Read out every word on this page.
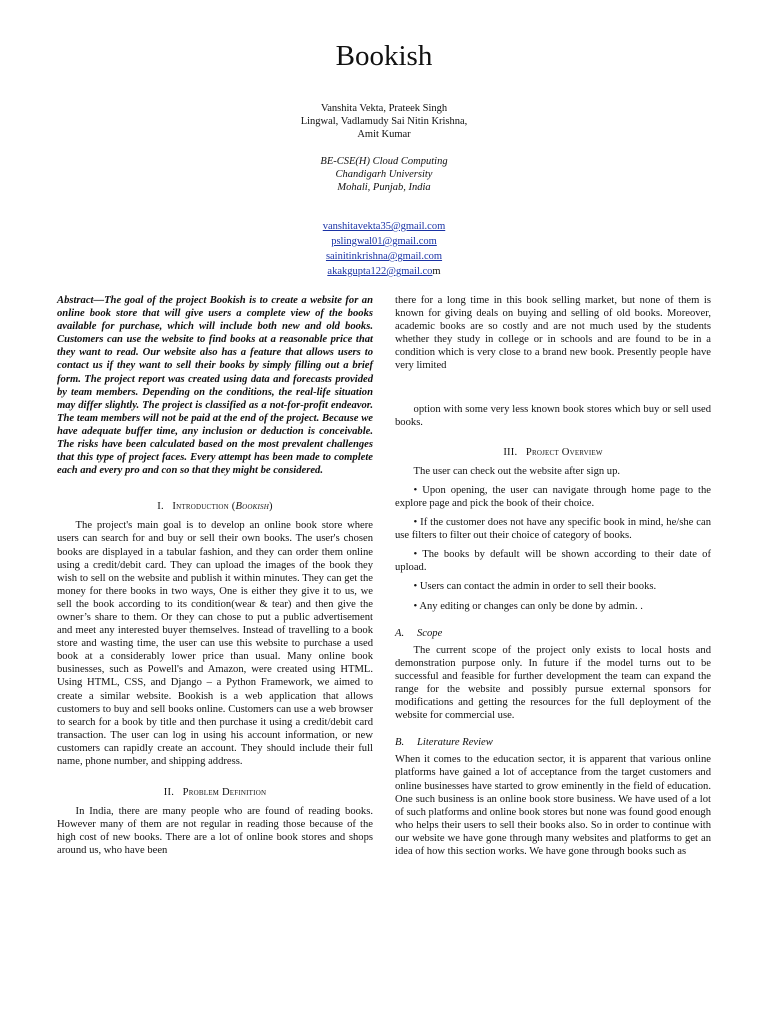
Bookish
Vanshita Vekta, Prateek Singh
Lingwal, Vadlamudy Sai Nitin Krishna,
Amit Kumar
BE-CSE(H) Cloud Computing
Chandigarh University
Mohali, Punjab, India
vanshitavekta35@gmail.com
pslingwal01@gmail.com
sainitinkrishna@gmail.com
akakgupta122@gmail.com

Abstract—The goal of the project Bookish is to create a website for an online book store that will give users a complete view of the books available for purchase, which will include both new and old books. Customers can use the website to find books at a reasonable price that they want to read. Our website also has a feature that allows users to contact us if they want to sell their books by simply filling out a brief form. The project report was created using data and forecasts provided by team members. Depending on the conditions, the real-life situation may differ slightly. The project is classified as a not-for-profit endeavor. The team members will not be paid at the end of the project. Because we have adequate buffer time, any inclusion or deduction is conceivable. The risks have been calculated based on the most prevalent challenges that this type of project faces. Every attempt has been made to complete each and every pro and con so that they might be considered.

I. Introduction (Bookish)

The project's main goal is to develop an online book store where users can search for and buy or sell their own books. The user's chosen books are displayed in a tabular fashion, and they can order them online using a credit/debit card. They can upload the images of the book they wish to sell on the website and publish it within minutes. They can get the money for there books in two ways, One is either they give it to us, we sell the book according to its condition(wear & tear) and then give the owner’s share to them. Or they can chose to put a public advertisement and meet any interested buyer themselves. Instead of travelling to a book store and wasting time, the user can use this website to purchase a used book at a considerably lower price than usual. Many online book businesses, such as Powell's and Amazon, were created using HTML. Using HTML, CSS, and Django – a Python Framework, we aimed to create a similar website. Bookish is a web application that allows customers to buy and sell books online. Customers can use a web browser to search for a book by title and then purchase it using a credit/debit card transaction. The user can log in using his account information, or new customers can rapidly create an account. They should include their full name, phone number, and shipping address.

II. Problem Definition

In India, there are many people who are found of reading books. However many of them are not regular in reading those because of the high cost of new books. There are a lot of online book stores and shops around us, who have been

there for a long time in this book selling market, but none of them is known for giving deals on buying and selling of old books. Moreover, academic books are so costly and are not much used by the students whether they study in college or in schools and are found to be in a condition which is very close to a brand new book. Presently people have very limited

option with some very less known book stores which buy or sell used books.

III. Project Overview

The user can check out the website after sign up.

• Upon opening, the user can navigate through home page to the explore page and pick the book of their choice.

• If the customer does not have any specific book in mind, he/she can use filters to filter out their choice of category of books.

• The books by default will be shown according to their date of upload.

• Users can contact the admin in order to sell their books.

• Any editing or changes can only be done by admin. .

A. Scope

The current scope of the project only exists to local hosts and demonstration purpose only. In future if the model turns out to be successful and feasible for further development the team can expand the range for the website and possibly pursue external sponsors for modifications and getting the resources for the full deployment of the website for commercial use.

B. Literature Review

When it comes to the education sector, it is apparent that various online platforms have gained a lot of acceptance from the target customers and online businesses have started to grow eminently in the field of education. One such business is an online book store business. We have used of a lot of such platforms and online book stores but none was found good enough who helps their users to sell their books also. So in order to continue with our website we have gone through many websites and platforms to get an idea of how this section works. We have gone through books such as
